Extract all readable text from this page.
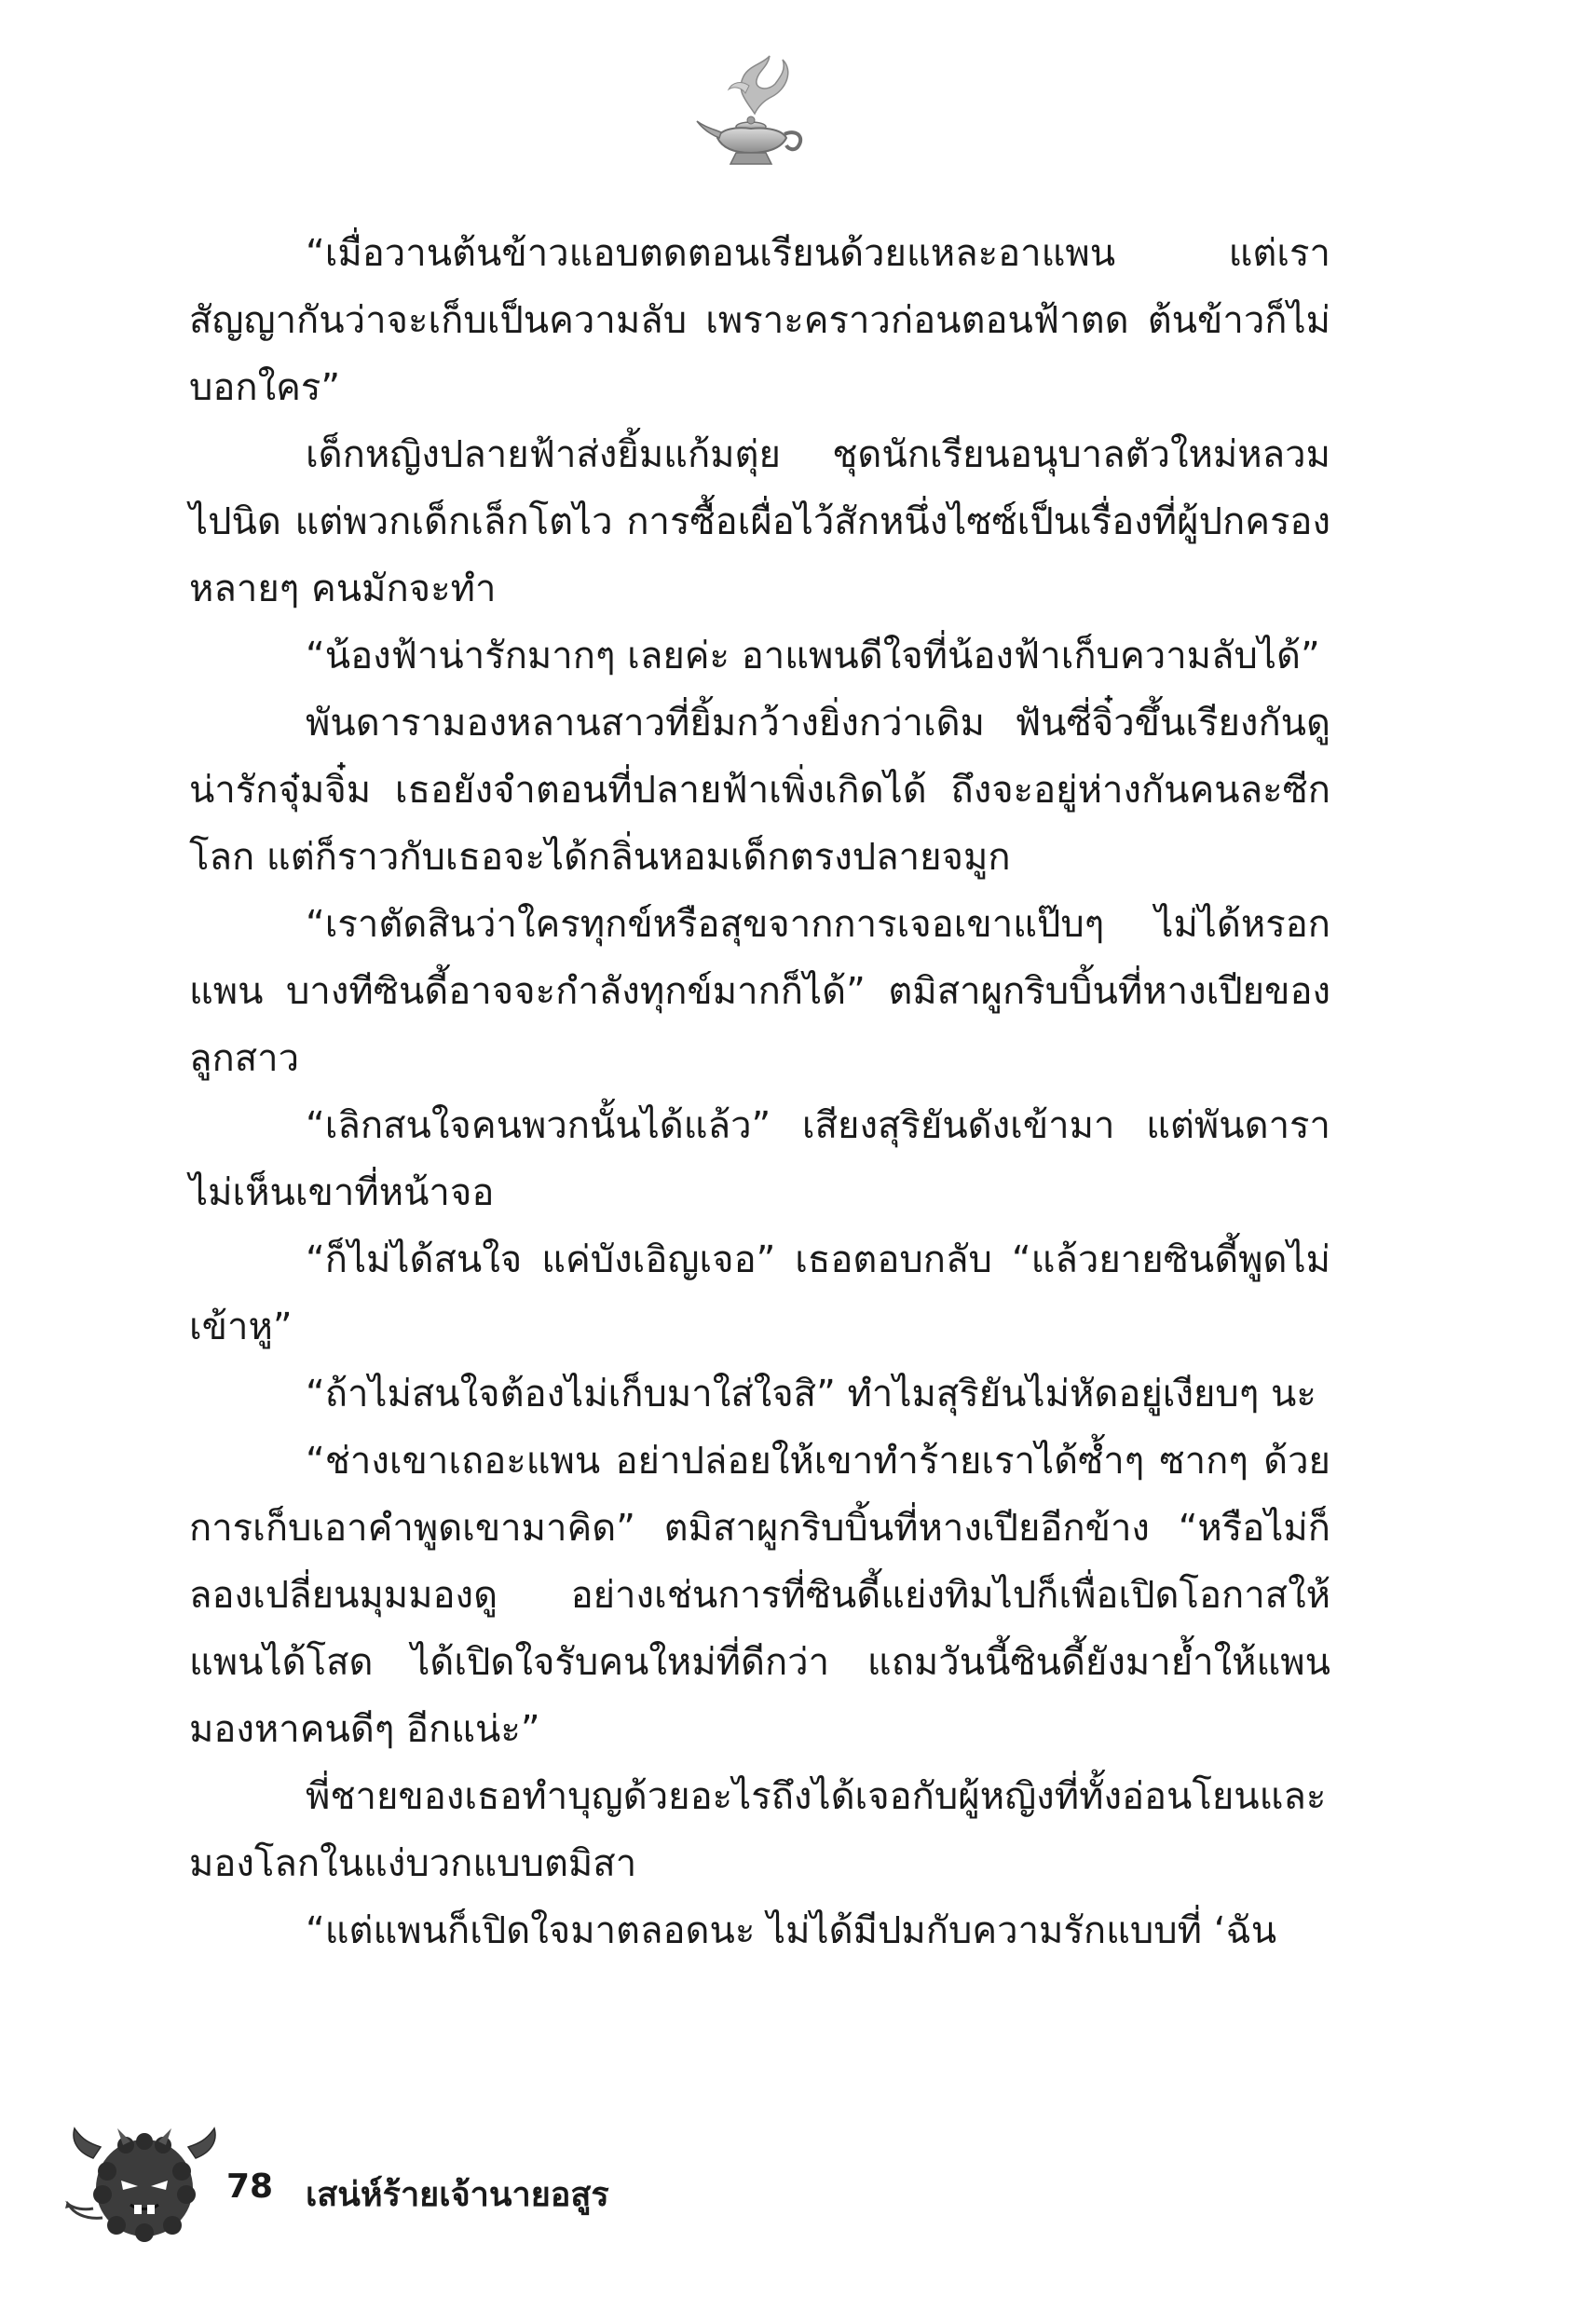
“เมื่อวานต้นข้าวแอบตดตอนเรียนด้วยแหละอาแพน แต่เราสัญญากันว่าจะเก็บเป็นความลับ เพราะคราวก่อนตอนฟ้าตด ต้นข้าวก็ไม่บอกใคร”

เด็กหญิงปลายฟ้าส่งยิ้มแก้มตุ่ย ชุดนักเรียนอนุบาลตัวใหม่หลวมไปนิด แต่พวกเด็กเล็กโตไว การซื้อเผื่อไว้สักหนึ่งไซซ์เป็นเรื่องที่ผู้ปกครองหลายๆ คนมักจะทำ

“น้องฟ้าน่ารักมากๆ เลยค่ะ อาแพนดีใจที่น้องฟ้าเก็บความลับได้”

พันดารามองหลานสาวที่ยิ้มกว้างยิ่งกว่าเดิม ฟันซี่จิ๋วขึ้นเรียงกันดูน่ารักจุ๋มจิ๋ม เธอยังจำตอนที่ปลายฟ้าเพิ่งเกิดได้ ถึงจะอยู่ห่างกันคนละซีกโลก แต่ก็ราวกับเธอจะได้กลิ่นหอมเด็กตรงปลายจมูก

“เราตัดสินว่าใครทุกข์หรือสุขจากการเจอเขาแป๊บๆ ไม่ได้หรอกแพน บางทีซินดี้อาจจะกำลังทุกข์มากก็ได้” ตมิสาผูกริบบิ้นที่หางเปียของลูกสาว

“เลิกสนใจคนพวกนั้นได้แล้ว” เสียงสุริยันดังเข้ามา แต่พันดาราไม่เห็นเขาที่หน้าจอ

“ก็ไม่ได้สนใจ แค่บังเอิญเจอ” เธอตอบกลับ “แล้วยายซินดี้พูดไม่เข้าหู”

“ถ้าไม่สนใจต้องไม่เก็บมาใส่ใจสิ” ทำไมสุริยันไม่หัดอยู่เงียบๆ นะ

“ช่างเขาเถอะแพน อย่าปล่อยให้เขาทำร้ายเราได้ซ้ำๆ ซากๆ ด้วยการเก็บเอาคำพูดเขามาคิด” ตมิสาผูกริบบิ้นที่หางเปียอีกข้าง “หรือไม่ก็ลองเปลี่ยนมุมมองดู อย่างเช่นการที่ซินดี้แย่งทิมไปก็เพื่อเปิดโอกาสให้แพนได้โสด ได้เปิดใจรับคนใหม่ที่ดีกว่า แถมวันนี้ซินดี้ยังมาย้ำให้แพนมองหาคนดีๆ อีกแน่ะ”

พี่ชายของเธอทำบุญด้วยอะไรถึงได้เจอกับผู้หญิงที่ทั้งอ่อนโยนและมองโลกในแง่บวกแบบตมิสา

“แต่แพนก็เปิดใจมาตลอดนะ ไม่ได้มีปมกับความรักแบบที่ ‘ฉัน

78 เสน่ห์ร้ายเจ้านายอสูร
